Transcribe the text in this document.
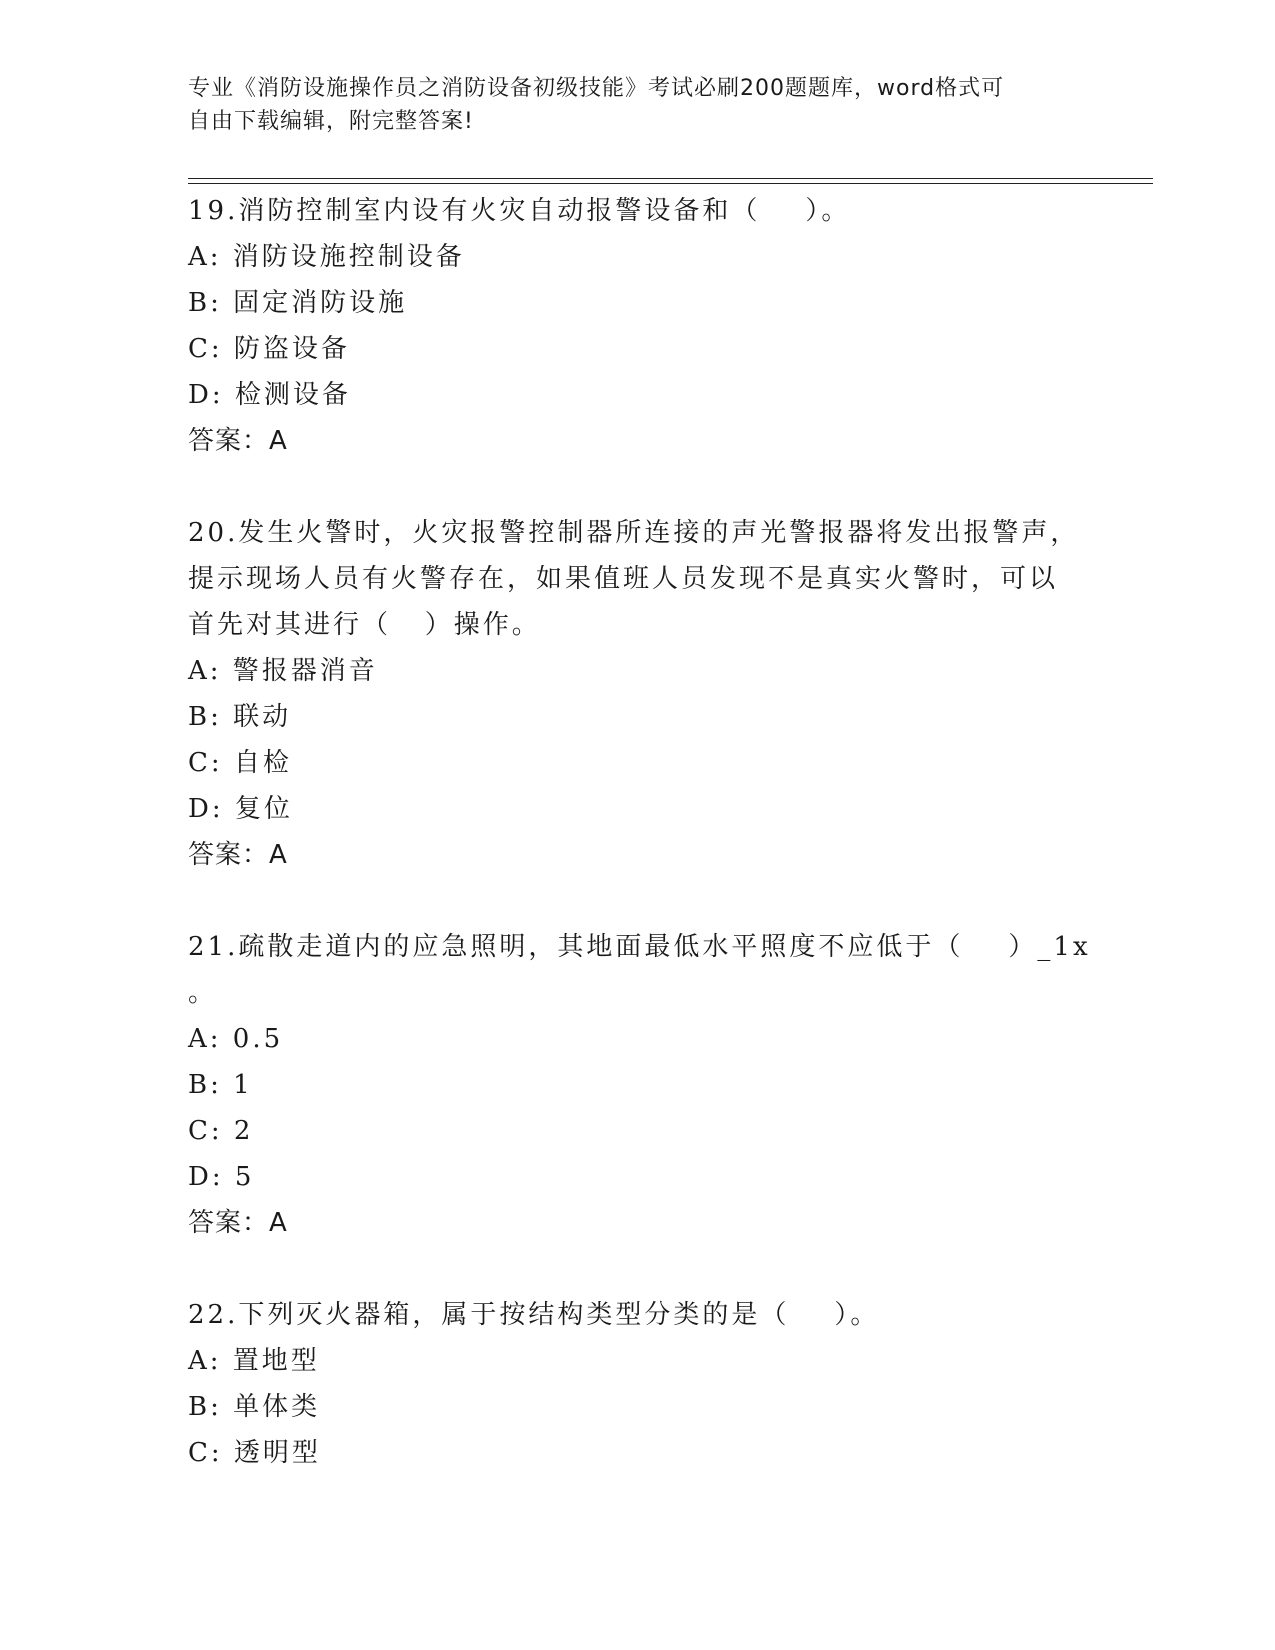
专业《消防设施操作员之消防设备初级技能》考试必刷200题题库，word格式可
自由下载编辑，附完整答案!
19.消防控制室内设有火灾自动报警设备和（    ）。
A: 消防设施控制设备
B: 固定消防设施
C: 防盗设备
D: 检测设备
答案：A
20.发生火警时，火灾报警控制器所连接的声光警报器将发出报警声，
提示现场人员有火警存在，如果值班人员发现不是真实火警时，可以
首先对其进行（   ）操作。
A: 警报器消音
B: 联动
C: 自检
D: 复位
答案：A
21.疏散走道内的应急照明，其地面最低水平照度不应低于（    ）_1x
。
A: 0.5
B: 1
C: 2
D: 5
答案：A
22.下列灭火器箱，属于按结构类型分类的是（    ）。
A: 置地型
B: 单体类
C: 透明型
